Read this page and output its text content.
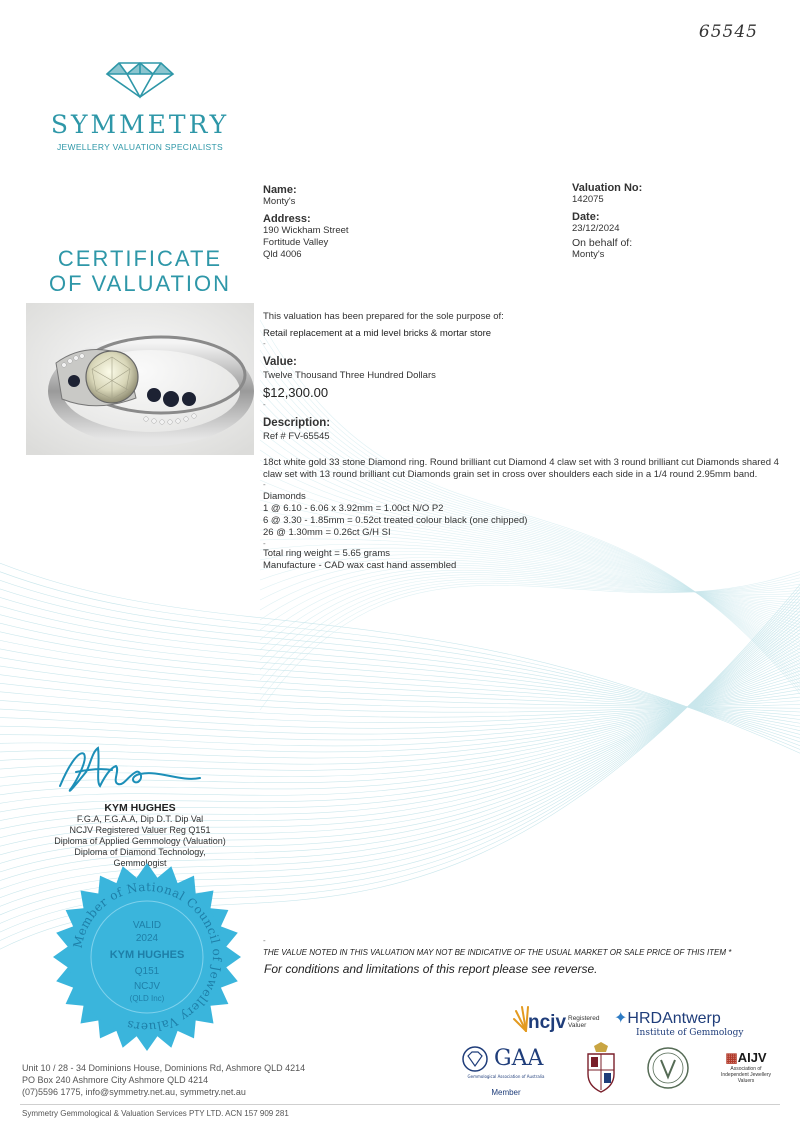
65545
SYMMETRY
JEWELLERY VALUATION SPECIALISTS
CERTIFICATE
OF VALUATION
Name:
Monty's
Address:
190 Wickham Street
Fortitude Valley
Qld 4006
Valuation No:
142075
Date:
23/12/2024
On behalf of:
Monty's
This valuation has been prepared for the sole purpose of:
Retail replacement at a mid level bricks & mortar store
-
Value:
Twelve Thousand Three Hundred Dollars
$12,300.00
-
Description:
Ref # FV-65545
18ct white gold 33 stone Diamond ring. Round brilliant cut Diamond 4 claw set with 3 round brilliant cut Diamonds shared 4 claw set with 13 round brilliant cut Diamonds grain set in cross over shoulders each side in a 1/4 round 2.95mm band.
-
Diamonds
1 @ 6.10 - 6.06 x 3.92mm = 1.00ct N/O P2
6 @ 3.30 - 1.85mm = 0.52ct treated colour black (one chipped)
26 @ 1.30mm = 0.26ct G/H SI
-
Total ring weight = 5.65 grams
Manufacture - CAD wax cast hand assembled
-
THE VALUE NOTED IN THIS VALUATION MAY NOT BE INDICATIVE OF THE USUAL MARKET OR SALE PRICE OF THIS ITEM *
For conditions and limitations of this report please see reverse.
KYM HUGHES
F.G.A, F.G.A.A, Dip D.T. Dip Val
NCJV Registered Valuer Reg Q151
Diploma of Applied Gemmology (Valuation)
Diploma of Diamond Technology,
Gemmologist
Member of National Council of Jewellery Valuers
VALID
2024
KYM HUGHES
Q151
NCJV
(QLD Inc)
Unit 10 / 28 - 34 Dominions House, Dominions Rd, Ashmore QLD 4214
PO Box 240 Ashmore City Ashmore QLD 4214
(07)5596 1775, info@symmetry.net.au, symmetry.net.au
Symmetry Gemmological & Valuation Services PTY LTD. ACN 157 909 281
ncjv Registered Valuer	✦HRDAntwerp
Institute of Gemmology
GAA
Gemmological Association of Australia
Member
▦AIJV
Association of Independent Jewellery Valuers
